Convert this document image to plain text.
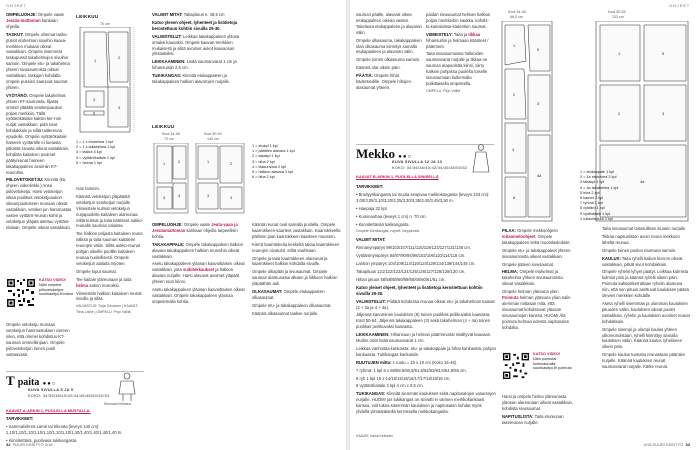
OHJEET

OMPELUOHJE: Ompele vaate Jesuta-mattoman kankaan ohjeilla.

TASKUT: Ompele olimmat tasku-pussit etuhelman sivuihin kaava-merkkien mukaan oikeat vastakkain. Ompele sisemmät taskupussit takahelmojen sivuihin samoin. Ompele etu- ja takahelma yhteen sivusaumoista oikeat vastakkain, taskujen kohdalla ompele pussien kaarevat saumat yhteen.

VYÖTÄRÖ: Ompele takahelmat yhteen KT-saumasta, liljasta ommel yltäältä vetoketjuaukon poljan merkkiin. Tällä vyötärökäsiäie kaksin ker-roin nurjat vastakkain, pidä sivut kohdakkain ja silitä taittereuna epuolelle. Ompele vyötärökaitale hameen vyötärölle ei tuetusta pitkästä sivusta oikeat vastakkain, kohdista kaitaleen avoimet päätyreunat hameen takakappaleen avoimiin KT-reunoihin.

PIILOVETOKETJU: Kiinnitä (ks. ohjeen videolinkki.) Ansa piilovetoketju. Harsi vetoketjun oikea puolikas vetoketjuaukon oikeanpuoleiseen reunaan oikeat vastakkain, vetoket-jun hammastas vasten vyötärö-reunan kohti ja vetoketjun yläpää asettuu vyötärö-nlalaan. Ompele oikeat vastakkain.

KATSO VIDEO!
Näin ompelet piilovetoketjun: suurikasityo.fi/videot

Ompele vetoketju reunaan vetoketjun hammastuksen viereen siten, että ommel kohdistuu KT-sauman ommelliinjaan. Ompele piilovetoketjun toinen puoli vastaavasti.

LEIKKUU
70 cm
1
2
3
4
5
1 = 1 x etuhelma 1 kpl
2 = 1 x takahelma 1 kpl
3 = taskut 4 kpl
4 = vyötärökaitale 1 kpl
5 = helma 1 kpl

rsan lammin.

Käännä vetoketjun yläpäästä vetoketjun vetoketjun nurjalle. Viimeistele kulmat vetoketjun nurjapuolelle kaitaleen alareunaa. Silitä kulmat ja taita käänteet aukko-reunalle sauman vatassa.

Tee halkion poljasta kaitaleen reuna välitsä ja taita sauman kaitaleen reunojen väliin. Silitä aukko-reunat pohjan oikeille puolille kaitaleen reunaa huolellisesti. Ompele vetoketjun alalaita myöten.

Ompele loput saumat.

Tee kaitale yläreunaan ja taita helma aukon reunoiksi.

Viimeistele halkion kaitaleen reunat sivuille ja silitä.

VALMISTUS: Tuija Toivanen | KAAVAT: Tiina Laine | OMPELU: Pirjo Välilä

T paita ●●○
KUVA SIVULLA 5 JA 9
KOKO: 34/36/38/40/42/44/46/48/50/52/54
Normaali mittasuu
KAAVAT A-ARKIN 1, PUOLELLA MUSTALLA:

TARVIKKEET:

• Sammalvihreä Lamé tai trikoota (leveys 140 cm): 1,10/1,10/1,10/1,10/1,10/1,10/1,10/1,40/1,40/1,40/1,40/1,40 m.

• Kiinnitettävä, puolivasa tukikangasta.

VALMIIT MITAT: Takapituus n. 48,5 cm

Katso ylesen ohjeet, lyhenteet ja lisätietoja kerostettuun kohtiin sivuilla 29-30.

VALMISTELUT: Leikkaa takakappaleen yläosa omaksi kaavaksi. Ompele kaavan-merkkien mukaisesti ja silitä avoimet aukot kaavaosan ylöstaitoiksi.

LEIKKAAMINEN: Lisää saumanvarat 1 cm ja hihansuisiin 2,5 cm.

TUKIKANGAS: Kiinnitä etukappaleen ja takakappaleen halkion alavarojen nurjalle.

LEIKKUU
Koot 34-48
70 cm
Koot 50-54
140 cm
1	2
3	4
1	2
3	4
1 = etukpl 1 kpl
1 = päättien alavara 1 kpl
2 = takakpl 1 kpl
3 = hiha 2 kpl
4 = taskunvara 2 kpl
5 = halkion alavara 1 kpl
6 = hiha 2 kpl

OMPELUOHJE: Ompele vaate Jeuta-vaan ja Jesutamattoman kankaan ohjeilla tarpeellisin kohtia.

TAKAKAPPALE: Ompele takakappaleen halkion alavara takakappaleen halkion reunoihin oikeat vastakkain.

Asetu takakappaleen yläosan kaavoittaisen oikeat vastakkain, joita suikitekkaukset ja halkion alavara nurjalle. Harsi alavarat avoimet yläpäät yhteen raon kiinni.

Asetu takakappaleen yläosan kaavoittaisen oikeat vastakkain. Ompele takakappaleen yläosaa ompelemalla kohtia.

Kääntä reunat oval samalla puolella. Ompele kaarrokkeen-kaarteet vastakkain. Kaarrokkeella päihinin pian kaarrokkeen kaarteen muotoon.

Kierrä kaarrokkeita keskeltä takaa kaarrokkeen reunojen nivutusti. Silitä vauhkaan.

Ompele ja taita kaarrokkeen alareunat ja kaarrokkeet halkion kohdalta sivuille.

Ompele olkapäät ja sivusaumat. Ompele sauman alareunasta alkaen ja liikkuen halkion yläpäähän asti.

OLKASAUMAT: Ompele etukappaleen olkasaumat.

Ompele etu- ja takakappaleen olkasaumat.

Käännä olkasaumat taakse nurjalle.

32 SUURI KÄSITYÖ 4/18
OHJEET

sauman päälle, alavarat oikea etukappaleen oikeaa vasten. Taitelauta etukappaleen ja alavaran välin.

Ompele olkasauma, takakappaleen olan olkasauma kiinnitys samalla etukappaleen ja alavaran välin.

Ompele toinen olkasauma samoin.

Käännä olat oikein päin.

PÄÄTIÄ: Ompele hihat kädentiedille. Ompele hihojen alasaumat yhteen.

paidan sivusaumat helman halkion poljan merkkeihin saakka, kohdis-ta kainaloissa kädentien saumat.

VIIMEISTELY: Taita ja tikkaa hihansuihin ja helmaan käänteet / päärmeet.

Taita sivusaumoissa halkioiden saumanvarat nurjalle ja tikkaa ne sauman alapuolelta kiinni, siirry halkion pohjassa puolelta toiselle sivusaumaan kulkemalla poikittaisella ompeleella.

OMPELU: Pirjo Välilä

Mekko ●●○
KUVA SIVULLA 12 JA 13
KOKO: 34/36/38/40/42/44/46/48/50/52
KAAVAT B-ARKIN 1, PUOLELLA SINISELLÄ

TARVIKKEET:

• Brodyyrikangasta tai muuta ssopivaa mekkokangasta (leveys 133 cm): 3,00/3,05/3,10/3,20/3,25/3,30/3,35/3,40/3,45/3,50 m.

• Haepaja 32 kpl.

• Kuminauhaa (leveys 1 cm) n. 70 cm.

• Kiinnitettävää tukikangasta.

Ompele Kierikangas, nopeit: Neppinoita

VALMIT MITAT:

Rinnanympärys 99/103/107/111/115/119/123/127/131/135 cm.

Vyötärönympärys 84/87/90/94/98/102/106/110/114/118 cm.

Lantion ympärys 104/109/114/119/124/129/134/139/144/149 cm.

Takapituus 121/122/123/124/125/126/127/128/129/130 cm.

Hihan pituus 58/58/59/59/59/60/60/60/61/61 cm.

Katso yleiset ohjeet, lyhenteet ja lisätietoja kerostettuun kohtiin sivuilla 29-30.

VALMISTELUT: Piidätä kohdessa reunaa oikeat etu- ja takahelman kaavat (2 + 3a ja 4 + 4a).

Jäljennä sanominen kauluksen (6) toinen puolikas peilikuvaksi kaavasta. Koot 50-54: Jäljennä takakappaleen (3) sekä takahelman (4 + 4a) toinen puolikas peilikuvaksi kaavasta.

LEIKKAAMINEN: Hihansuun ja helman päärmevarat sisältyvät kaavaan. Muihin osiin lisää saumanvarat 1 cm.

Leikkaa vanhoista kankaista: etu- ja takakappale ja hihat kankaasta, pohjan kankaasta. Tukikangas kankaisiin.

RUUTUJEN mitta: 1 ruutu = 10 x 10 cm (Koko 34-46).

7 ryhmä: 1 kpl 5 x 59/59,5/60,5/61,5/62/63/63,5/64,5/65 cm.

8 ryh 1 kpl 15 x 14/15/15/16/16/17/17/18/18/19 cm,

9 vyötärökaitale 2 kpl 4 cm x 8,5 cm.

TUKIKANGAS: Kiinnitä siemmän kauluksen sekä napitusalojen vasurenjen nurjalle. HUOM! jos tukikangas on sirivatti ei värinen merkkokankaasi kanssa, voit tukea sisemmän kauluksen ja napitusalan kohdat myös yhdellä ylimääräisellä kerroksella mekkokangasta.

Koot 34-46
66,5 cm
Koot 50-54
133 cm
1
5
2
3
4
4a
6
1	5
2	3
4a

PILAA: Ompele mekkoohjeen mitaomeloohjeet. Ompele takakappaleen sekä muotolaskokset.

Ompele etu- ja takakappaleet yhteen sivusaumoista oikeat vastakkain.

Ompele päteen sivusaumat.

HELMA: Ompele etuhelmat ja takahelma yhteen sivusaumoista oikeat vastakkain.

Ompele helman yläreuna ylien Poimuta helman yläreuna ylian-salin alemman mittasan mitä, että sivusaumat kohdistuvat yläosan sivusaumojen kanssa. HUOM! Älä poimuta helmaa edessä napitusalan kohdalta.

KATSO VIDEO!
Näin poimutat kuminauhalla: suurikasityo.fi/ poimuta

Harsi ja ompele helma yläreunasta yläosan alareunaan oikeat vastakkain, kohdista sivusaumat.

NAPITUSLISTA: Taita etureunan taitereunan nurjalle.

1 = etukappale 1 kpl
2 = 1a etuhelma 2 kpl
3 takakpl 1 kpl
4 = 4a takahelma 1 kpl
5 hiha 2 kpl
6 kaulus 2 kpl
7 ryhmä 1 kpl
8 vyötärö 1 kpl
9 vyötkaitale 1 kpl
1 rullaviimikkö 1 kpl

Taita sivusaumat taitosullisen ikuukin nurjalle.

Tikkaa napitusliston avoin reuna mekkoon läheltä reunaa.

Ompele toinen puolen etureuna samoin.

KAULUS: Taita ryhelli kaiken kierron oikeat vastakkain, pitkät sivut kohdakkain.

Ompele ryhelin lyhyet päätyt. Leikkaa kulmista kolmiot pois ja käännä ryhelli oikein päin. Poimuta kaksoiskerrattaan ryhelin alareuna niin, että sen pituus asettuvat kauluksen pääsä olevien merkkien kohdalle.

Aseta ryhelli sisemmän ja ulomman kauluksen pituuden väliin, kauluksen oikeat puolet vastakkain, ryhelin ja kauluksen avoimet reunat kohdakkain.

Ompele sisempi ja ulompi kaulus yhteen ulkoreunoistaan, ryhelli kiinnittyy samalla kauluksen väliin. Käännä kaulus ryhelineen oikein päin.

Ompele kaulus tuetusta reunastaan pääntien nurjalle. Käännä kauluksen reunat saumanvarat nurjalle. Kätke reunat.

KAAVAT: Kaisa Kettunen
4/18 SUURI KÄSITYÖ 33
